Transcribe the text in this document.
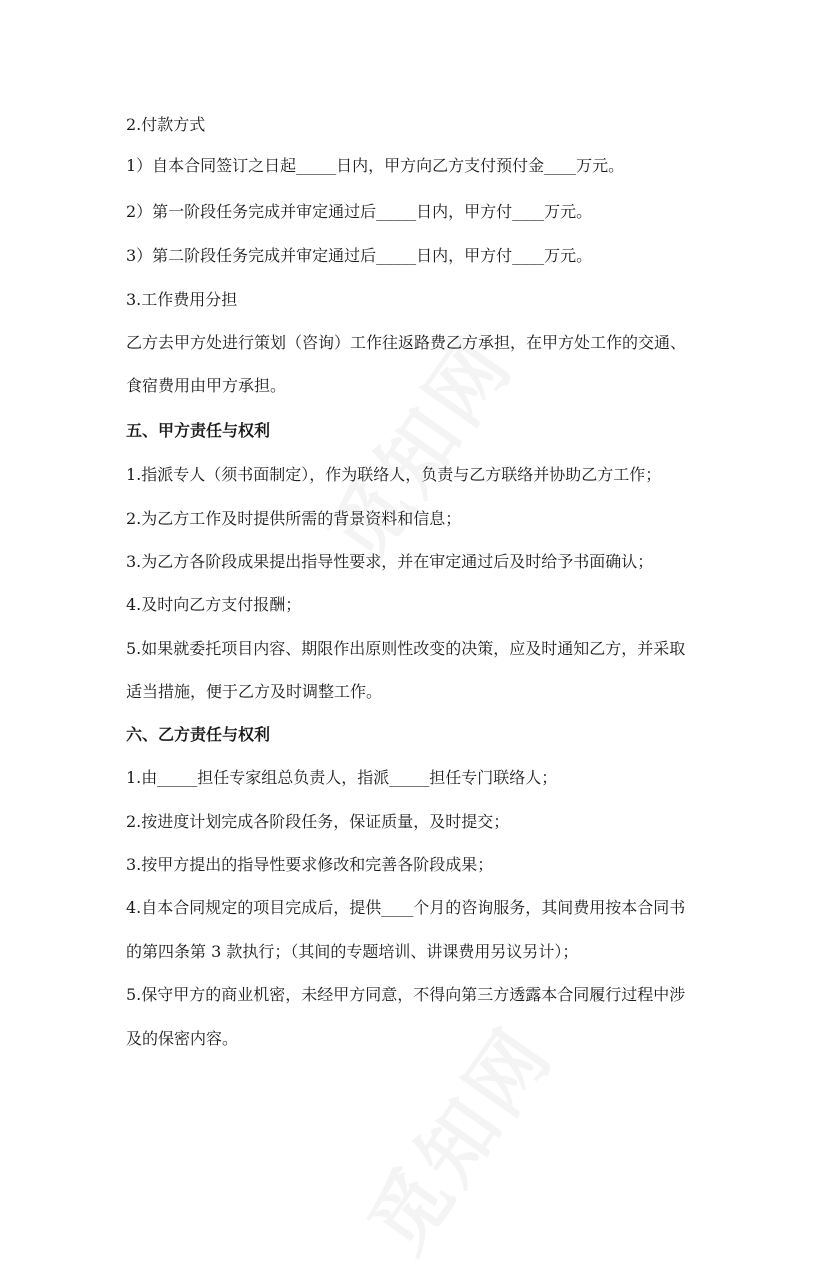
2.付款方式
1）自本合同签订之日起_____日内，甲方向乙方支付预付金____万元。
2）第一阶段任务完成并审定通过后_____日内，甲方付____万元。
3）第二阶段任务完成并审定通过后_____日内，甲方付____万元。
3.工作费用分担
乙方去甲方处进行策划（咨询）工作往返路费乙方承担，在甲方处工作的交通、
食宿费用由甲方承担。
五、甲方责任与权利
1.指派专人（须书面制定），作为联络人，负责与乙方联络并协助乙方工作；
2.为乙方工作及时提供所需的背景资料和信息；
3.为乙方各阶段成果提出指导性要求，并在审定通过后及时给予书面确认；
4.及时向乙方支付报酬；
5.如果就委托项目内容、期限作出原则性改变的决策，应及时通知乙方，并采取
适当措施，便于乙方及时调整工作。
六、乙方责任与权利
1.由_____担任专家组总负责人，指派_____担任专门联络人；
2.按进度计划完成各阶段任务，保证质量，及时提交；
3.按甲方提出的指导性要求修改和完善各阶段成果；
4.自本合同规定的项目完成后，提供____个月的咨询服务，其间费用按本合同书
的第四条第 3 款执行；（其间的专题培训、讲课费用另议另计）；
5.保守甲方的商业机密，未经甲方同意，不得向第三方透露本合同履行过程中涉
及的保密内容。
